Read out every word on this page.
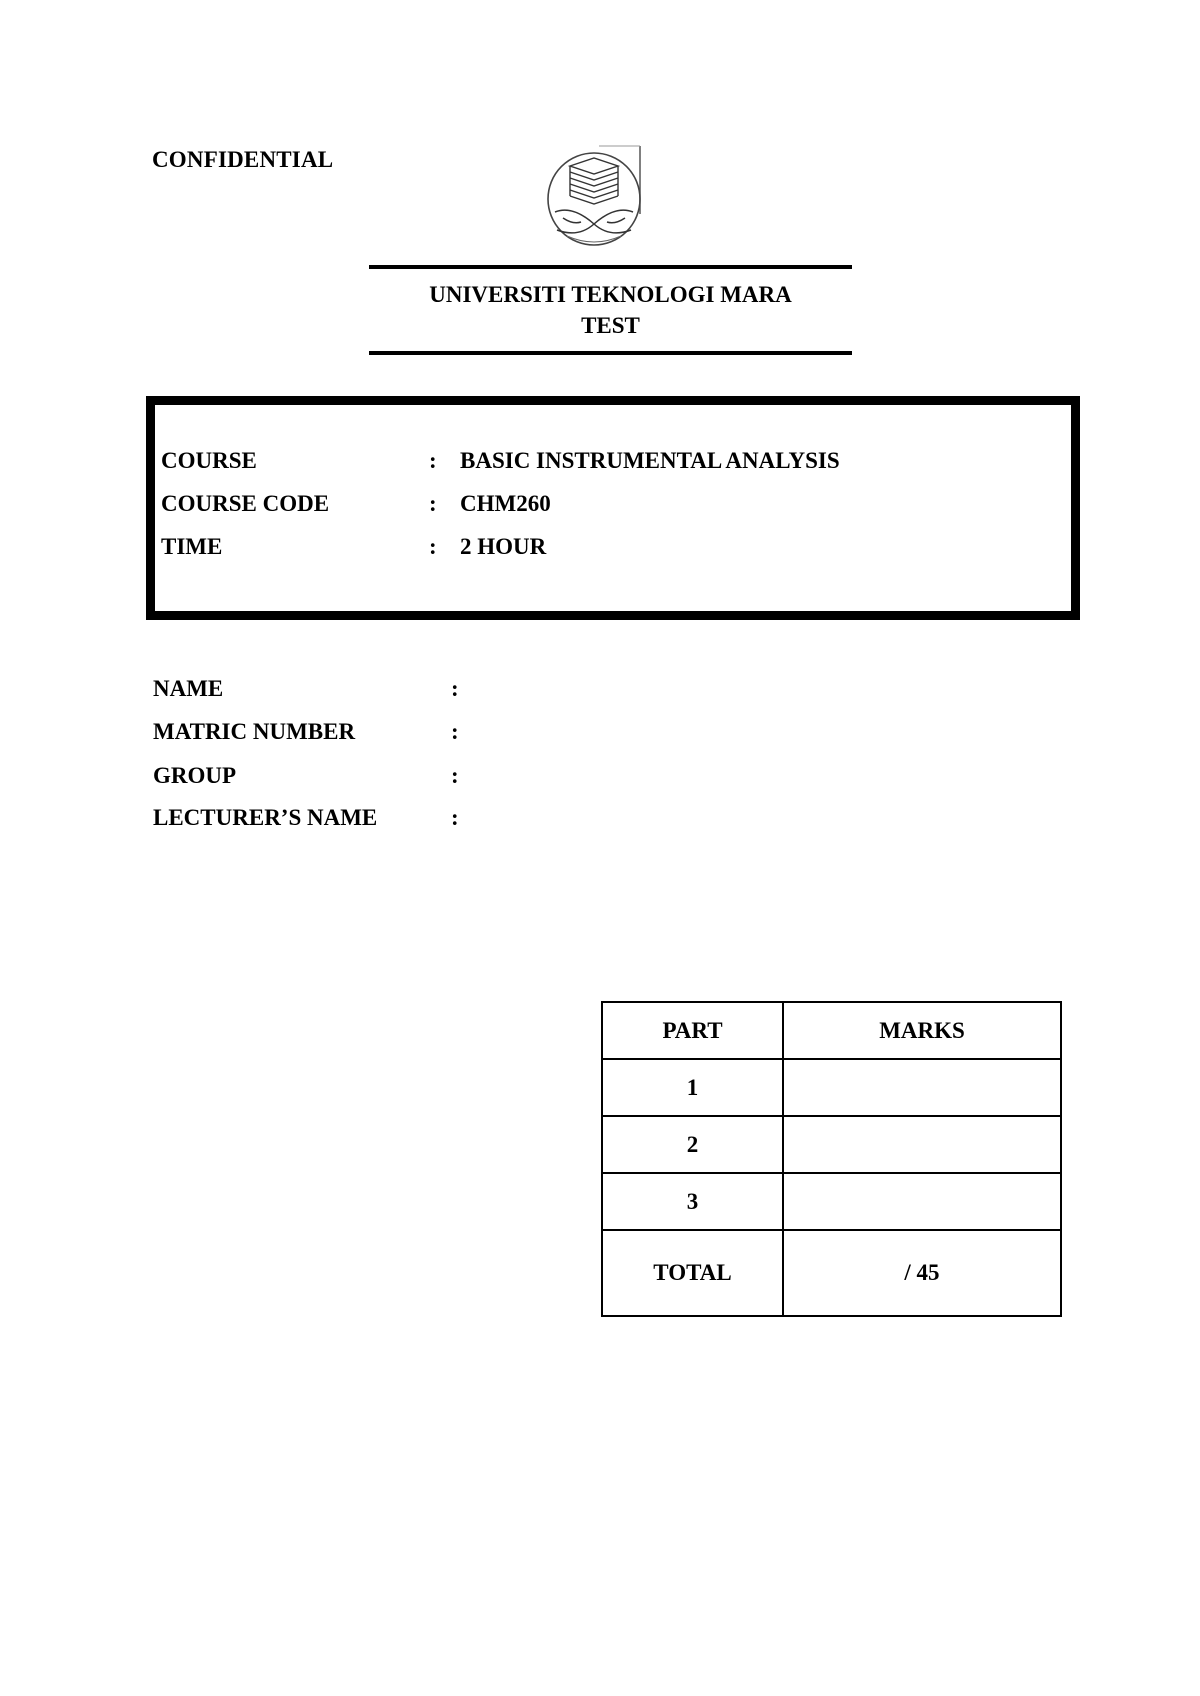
CONFIDENTIAL
UNIVERSITI TEKNOLOGI MARA
TEST
COURSE	: BASIC INSTRUMENTAL ANALYSIS
COURSE CODE	: CHM260
TIME	: 2 HOUR
NAME	:
MATRIC NUMBER	:
GROUP	:
LECTURER’S NAME	:
PART	MARKS
1	
2	
3	
TOTAL	/ 45
